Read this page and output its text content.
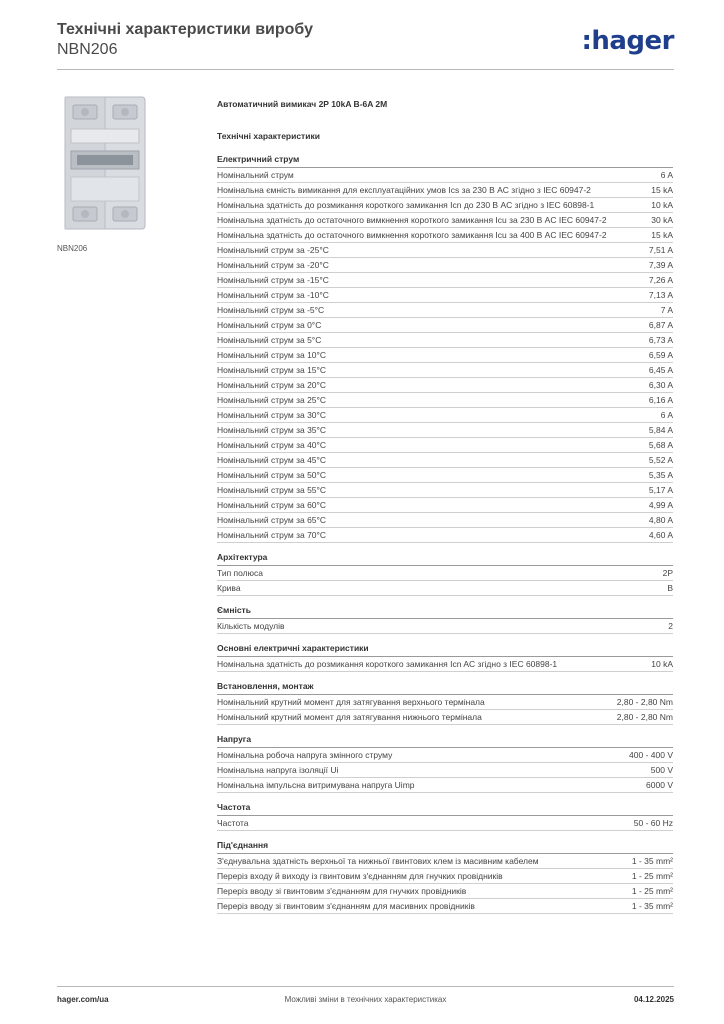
Технічні характеристики виробу
NBN206	:hager
NBN206
Автоматичний вимикач 2P 10kA B-6A 2M
Технічні характеристики
Електричний струм
Номінальний струм	6 A
Номінальна ємність вимикання для експлуатаційних умов Ics за 230 В AC згідно з IEC 60947-2	15 kA
Номінальна здатність до розмикання короткого замикання Icn до 230 В AC згідно з IEC 60898-1	10 kA
Номінальна здатність до остаточного вимкнення короткого замикання Icu за 230 В AC IEC 60947-2	30 kA
Номінальна здатність до остаточного вимкнення короткого замикання Icu за 400 В AC IEC 60947-2	15 kA
Номінальний струм за -25°C	7,51 A
Номінальний струм за -20°C	7,39 A
Номінальний струм за -15°C	7,26 A
Номінальний струм за -10°C	7,13 A
Номінальний струм за -5°C	7 A
Номінальний струм за 0°C	6,87 A
Номінальний струм за 5°C	6,73 A
Номінальний струм за 10°C	6,59 A
Номінальний струм за 15°C	6,45 A
Номінальний струм за 20°C	6,30 A
Номінальний струм за 25°C	6,16 A
Номінальний струм за 30°C	6 A
Номінальний струм за 35°C	5,84 A
Номінальний струм за 40°C	5,68 A
Номінальний струм за 45°C	5,52 A
Номінальний струм за 50°C	5,35 A
Номінальний струм за 55°C	5,17 A
Номінальний струм за 60°C	4,99 A
Номінальний струм за 65°C	4,80 A
Номінальний струм за 70°C	4,60 A
Архітектура
Тип полюса	2P
Крива	B
Ємність
Кількість модулів	2
Основні електричні характеристики
Номінальна здатність до розмикання короткого замикання Icn AC згідно з IEC 60898-1	10 kA
Встановлення, монтаж
Номінальний крутний момент для затягування верхнього термінала	2,80 - 2,80 Nm
Номінальний крутний момент для затягування нижнього термінала	2,80 - 2,80 Nm
Напруга
Номінальна робоча напруга змінного струму	400 - 400 V
Номінальна напруга ізоляції Ui	500 V
Номінальна імпульсна витримувана напруга Uimp	6000 V
Частота
Частота	50 - 60 Hz
Під'єднання
З'єднувальна здатність верхньої та нижньої гвинтових клем із масивним кабелем	1 - 35 mm²
Переріз входу й виходу із гвинтовим з'єднанням для гнучких провідників	1 - 25 mm²
Переріз вводу зі гвинтовим з'єднанням для гнучких провідників	1 - 25 mm²
Переріз вводу зі гвинтовим з'єднанням для масивних провідників	1 - 35 mm²
hager.com/ua	Можливі зміни в технічних характеристиках	04.12.2025
